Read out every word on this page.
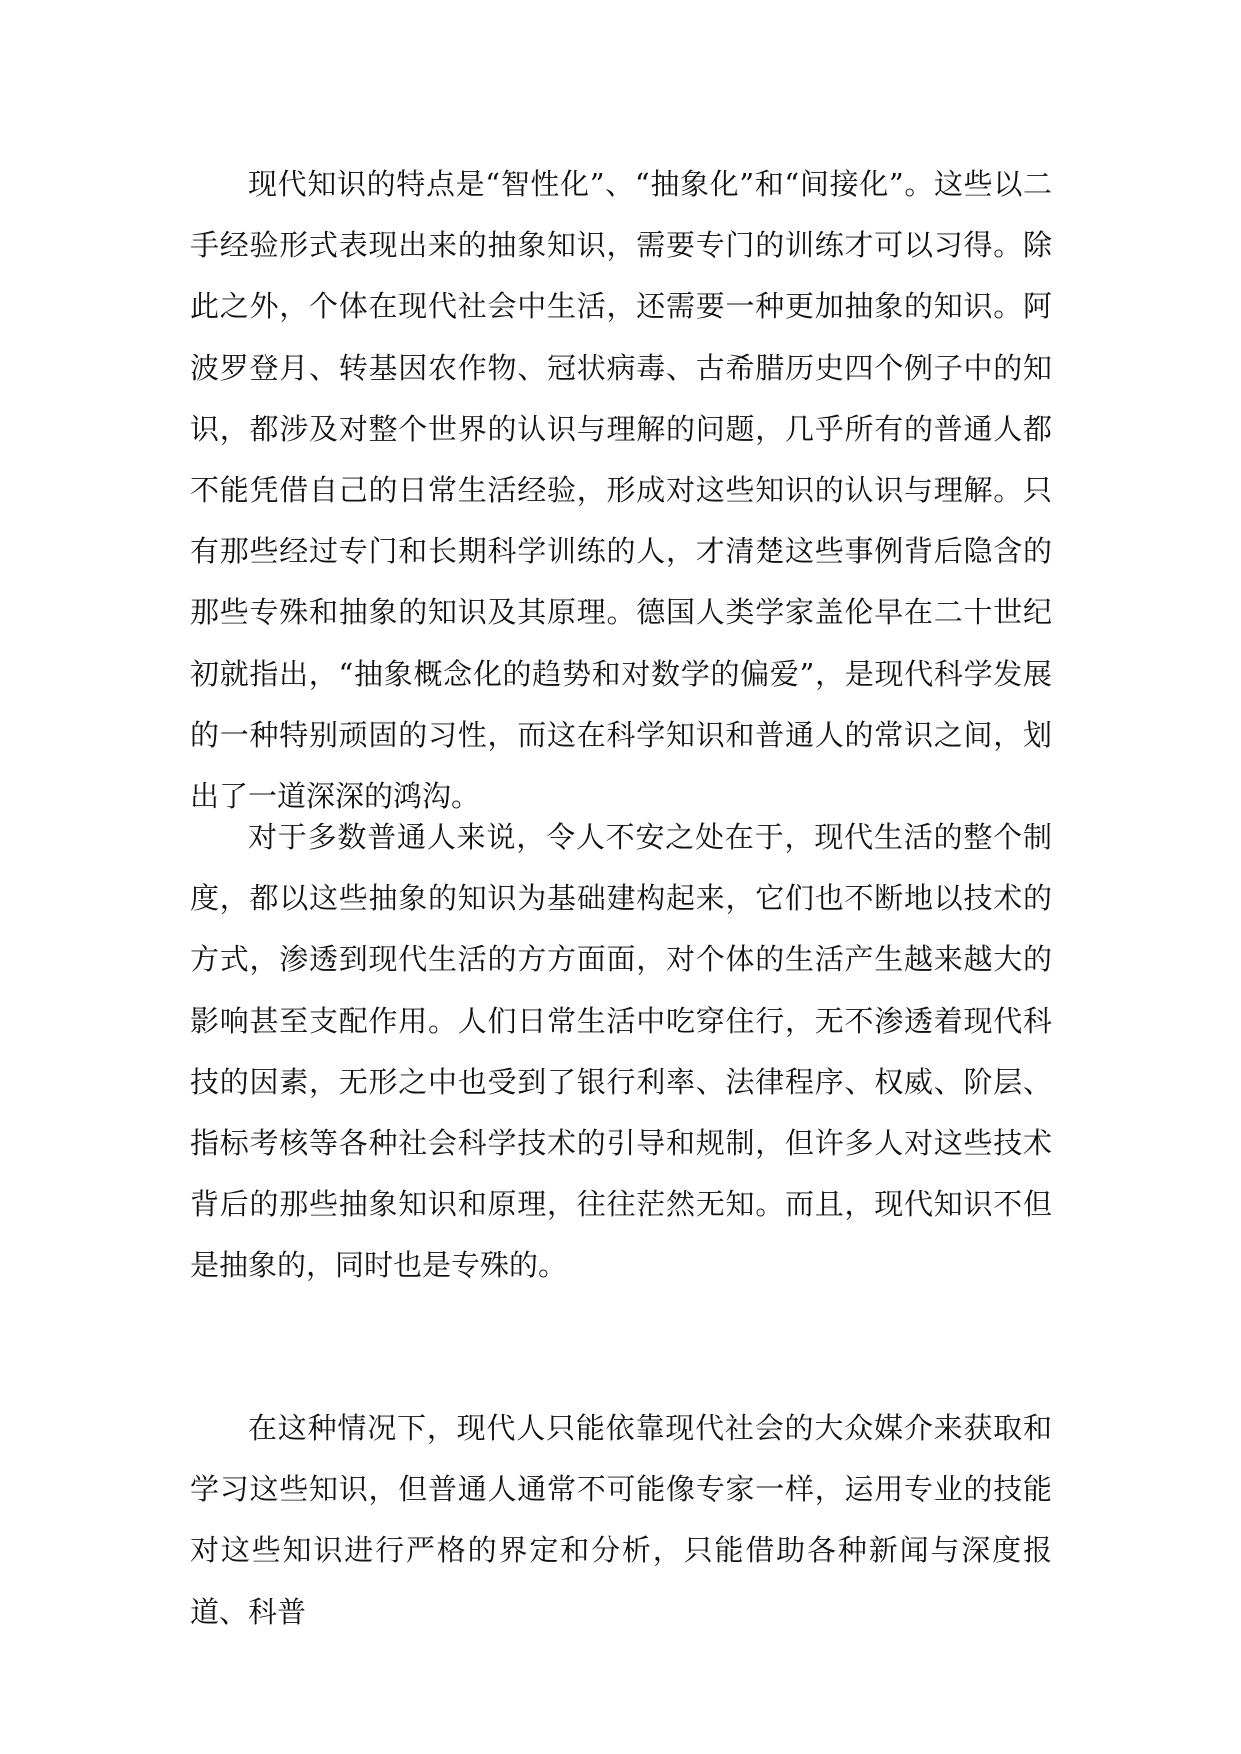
现代知识的特点是“智性化”、“抽象化”和“间接化”。这些以二手经验形式表现出来的抽象知识，需要专门的训练才可以习得。除此之外，个体在现代社会中生活，还需要一种更加抽象的知识。阿波罗登月、转基因农作物、冠状病毒、古希腊历史四个例子中的知识，都涉及对整个世界的认识与理解的问题，几乎所有的普通人都不能凭借自己的日常生活经验，形成对这些知识的认识与理解。只有那些经过专门和长期科学训练的人，才清楚这些事例背后隐含的那些专殊和抽象的知识及其原理。德国人类学家盖伦早在二十世纪初就指出，“抽象概念化的趋势和对数学的偏爱”，是现代科学发展的一种特别顽固的习性，而这在科学知识和普通人的常识之间，划出了一道深深的鸿沟。

对于多数普通人来说，令人不安之处在于，现代生活的整个制度，都以这些抽象的知识为基础建构起来，它们也不断地以技术的方式，渗透到现代生活的方方面面，对个体的生活产生越来越大的影响甚至支配作用。人们日常生活中吃穿住行，无不渗透着现代科技的因素，无形之中也受到了银行利率、法律程序、权威、阶层、指标考核等各种社会科学技术的引导和规制，但许多人对这些技术背后的那些抽象知识和原理，往往茫然无知。而且，现代知识不但是抽象的，同时也是专殊的。

在这种情况下，现代人只能依靠现代社会的大众媒介来获取和学习这些知识，但普通人通常不可能像专家一样，运用专业的技能对这些知识进行严格的界定和分析，只能借助各种新闻与深度报道、科普
